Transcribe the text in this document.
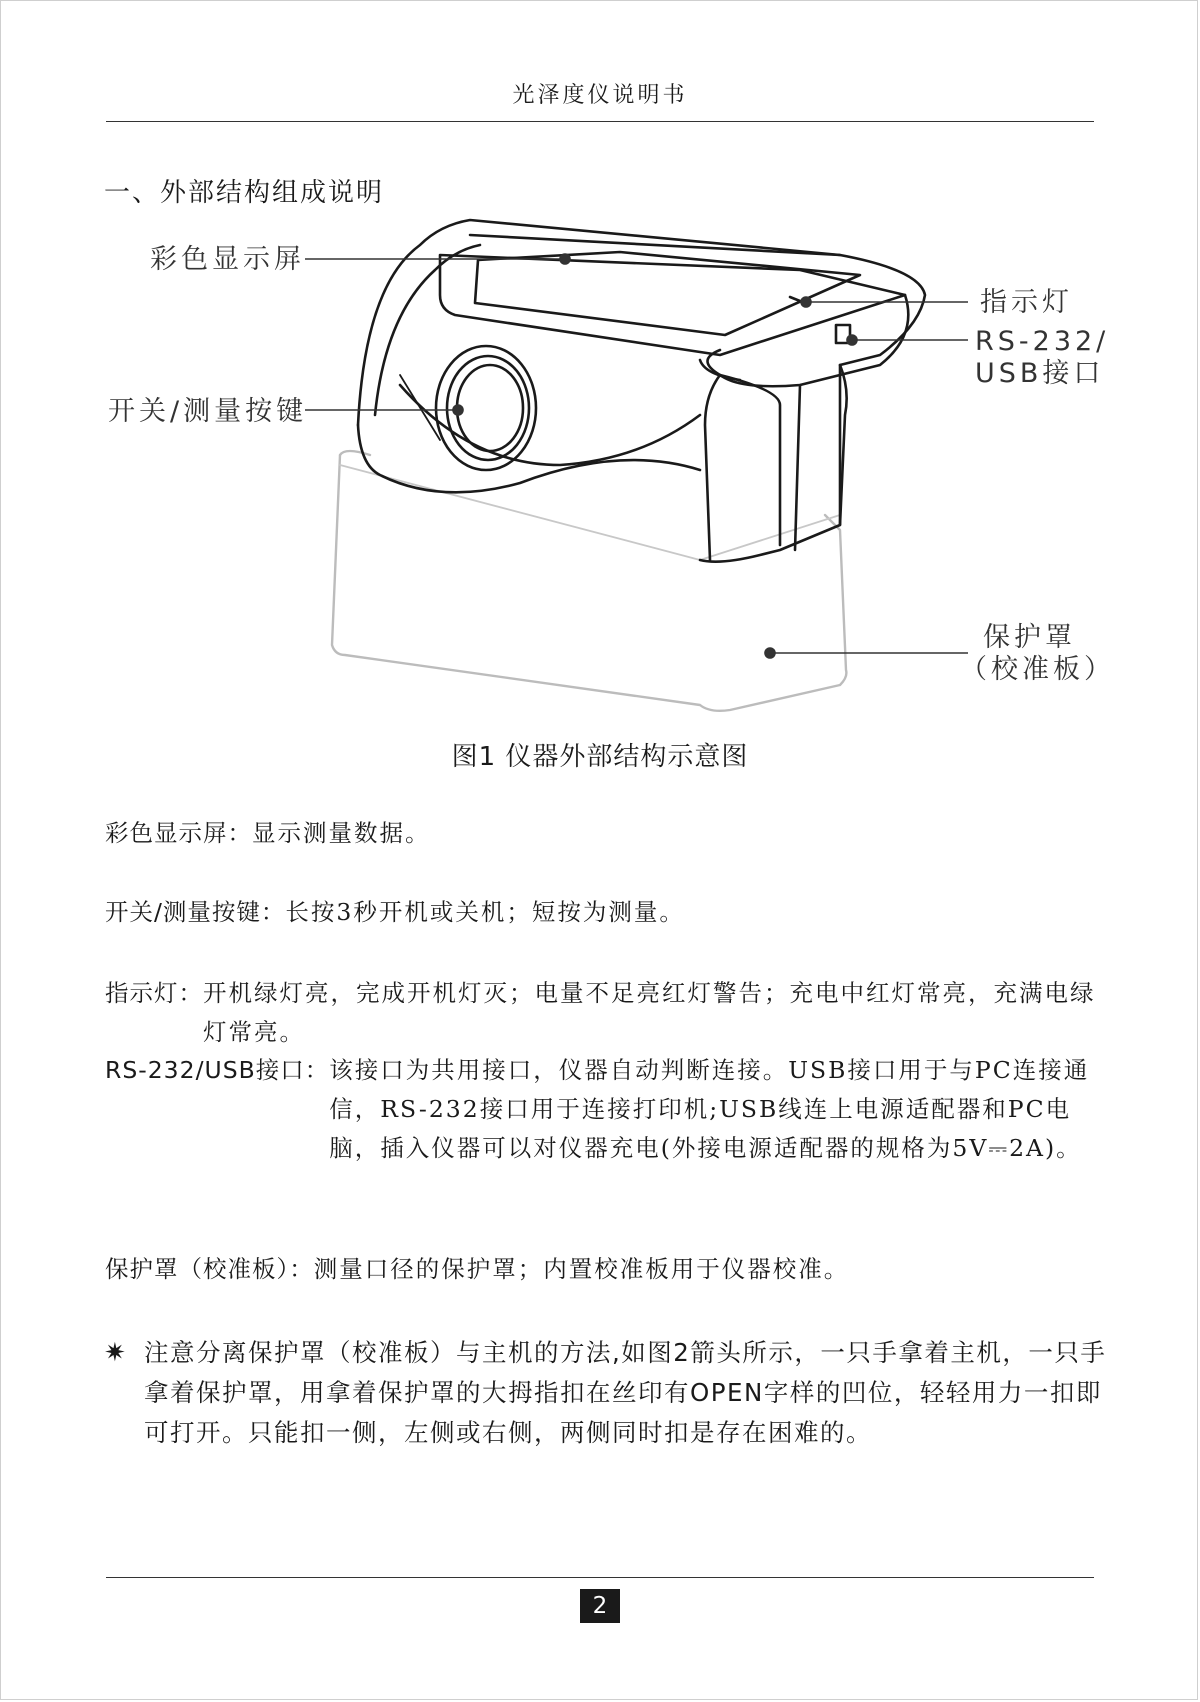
光泽度仪说明书
一、外部结构组成说明
彩色显示屏
指示灯
RS-232/
USB接口
开关/测量按键
保护罩
（校准板）
图1 仪器外部结构示意图
彩色显示屏： 显示测量数据。
开关/测量按键： 长按3秒开机或关机；短按为测量。
指示灯： 开机绿灯亮，完成开机灯灭；电量不足亮红灯警告；充电中红灯常亮，充满电绿灯常亮。
RS-232/USB接口： 该接口为共用接口，仪器自动判断连接。USB接口用于与PC连接通信，RS-232接口用于连接打印机;USB线连上电源适配器和PC电脑，插入仪器可以对仪器充电(外接电源适配器的规格为5V⎓2A)。
保护罩（校准板）： 测量口径的保护罩；内置校准板用于仪器校准。
✷ 注意分离保护罩（校准板）与主机的方法,如图2箭头所示，一只手拿着主机，一只手拿着保护罩，用拿着保护罩的大拇指扣在丝印有OPEN字样的凹位，轻轻用力一扣即可打开。只能扣一侧，左侧或右侧，两侧同时扣是存在困难的。
2
